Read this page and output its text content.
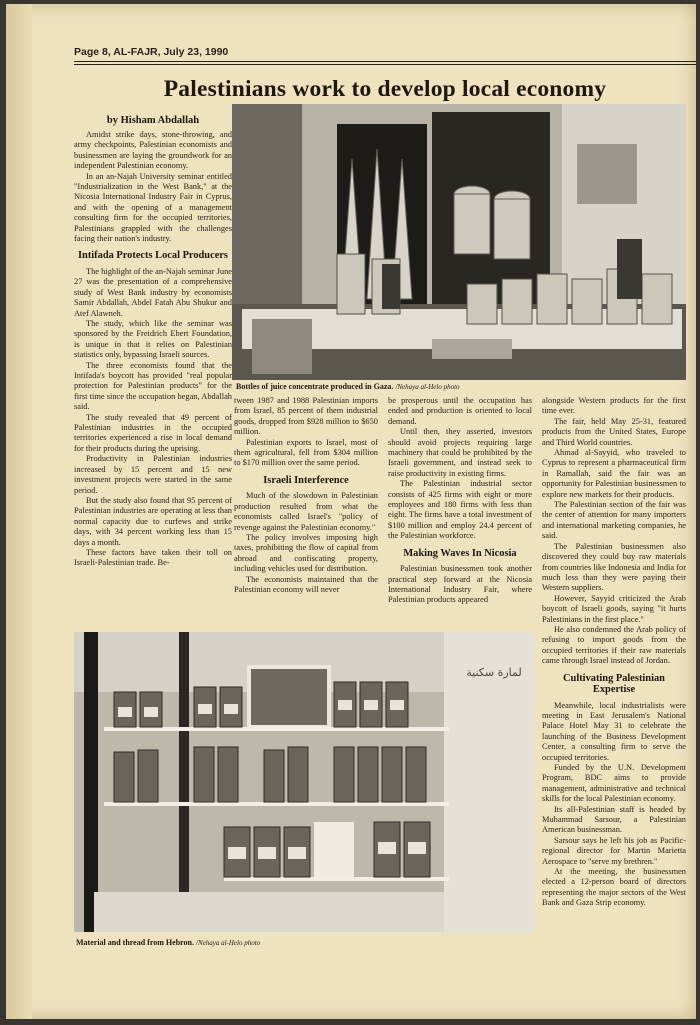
Page 8, AL-FAJR, July 23, 1990
Palestinians work to develop local economy
by Hisham Abdallah

Amidst strike days, stone-throwing, and army checkpoints, Palestinian economists and businessmen are laying the groundwork for an independent Palestinian economy.

In an an-Najah University seminar entitled "Industrialization in the West Bank," at the Nicosia International Industry Fair in Cyprus, and with the opening of a management consulting firm for the occupied territories, Palestinians grappled with the challenges facing their nation's industry.

Intifada Protects Local Producers

The highlight of the an-Najah seminar June 27 was the presentation of a comprehensive study of West Bank industry by economists Samir Abdallah, Abdel Fatah Abu Shukur and Atef Alawneh.

The study, which like the seminar was sponsored by the Freidrich Ebert Foundation, is unique in that it relies on Palestinian statistics only, bypassing Israeli sources.

The three economists found that the Intifada's boycott has provided "real popular protection for Palestinian products" for the first time since the occupation began, Abdallah said.

The study revealed that 49 percent of Palestinian industries in the occupied territories experienced a rise in local demand for their products during the uprising.

Productivity in Palestinian industries increased by 15 percent and 15 new investment projects were started in the same period.

But the study also found that 95 percent of Palestinian industries are operating at less than normal capacity due to curfews and strike days, with 34 percent working less than 15 days a month.

These factors have taken their toll on Israeli-Palestinian trade. Be-

Bottles of juice concentrate produced in Gaza. /Nehaya al-Helo photo

tween 1987 and 1988 Palestinian imports from Israel, 85 percent of them industrial goods, dropped from $928 million to $650 million.

Palestinian exports to Israel, most of them agricultural, fell from $304 million to $170 million over the same period.

Israeli Interference

Much of the slowdown in Palestinian production resulted from what the economists called Israel's "policy of revenge against the Palestinian economy."

The policy involves imposing high taxes, prohibiting the flow of capital from abroad and confiscating property, including vehicles used for distribution.

The economists maintained that the Palestinian economy will never

be prosperous until the occupation has ended and production is oriented to local demand.

Until then, they asserted, investors should avoid projects requiring large machinery that could be prohibited by the Israeli government, and instead seek to raise productivity in existing firms.

The Palestinian industrial sector consists of 425 firms with eight or more employees and 180 firms with less than eight. The firms have a total investment of $100 million and employ 24.4 percent of the Palestinian workforce.

Making Waves In Nicosia

Palestinian businessmen took another practical step forward at the Nicosia International Industry Fair, where Palestinian products appeared

alongside Western products for the first time ever.

The fair, held May 25-31, featured products from the United States, Europe and Third World countries.

Ahmad al-Sayyid, who traveled to Cyprus to represent a pharmaceutical firm in Ramallah, said the fair was an opportunity for Palestinian businessmen to explore new markets for their products.

The Palestinian section of the fair was the center of attention for many importers and international marketing companies, he said.

The Palestinian businessmen also discovered they could buy raw materials from countries like Indonesia and India for much less than they were paying their Western suppliers.

However, Sayyid criticized the Arab boycott of Israeli goods, saying "it hurts Palestinians in the first place."

He also condemned the Arab policy of refusing to import goods from the occupied territories if their raw materials came through Israel instead of Jordan.

Cultivating Palestinian Expertise

Meanwhile, local industrialists were meeting in East Jerusalem's National Palace Hotel May 31 to celebrate the launching of the Business Development Center, a consulting firm to serve the occupied territories.

Funded by the U.N. Development Program, BDC aims to provide management, administrative and technical skills for the local Palestinian economy.

Its all-Palestinian staff is headed by Muhammad Sarsour, a Palestinian American businessman.

Sarsour says he left his job as Pacific-regional director for Martin Marietta Aerospace to "serve my brethren."

At the meeting, the businessmen elected a 12-person board of directors representing the major sectors of the West Bank and Gaza Strip economy.

لمارة سكنية
Material and thread from Hebron. /Nehaya al-Helo photo
